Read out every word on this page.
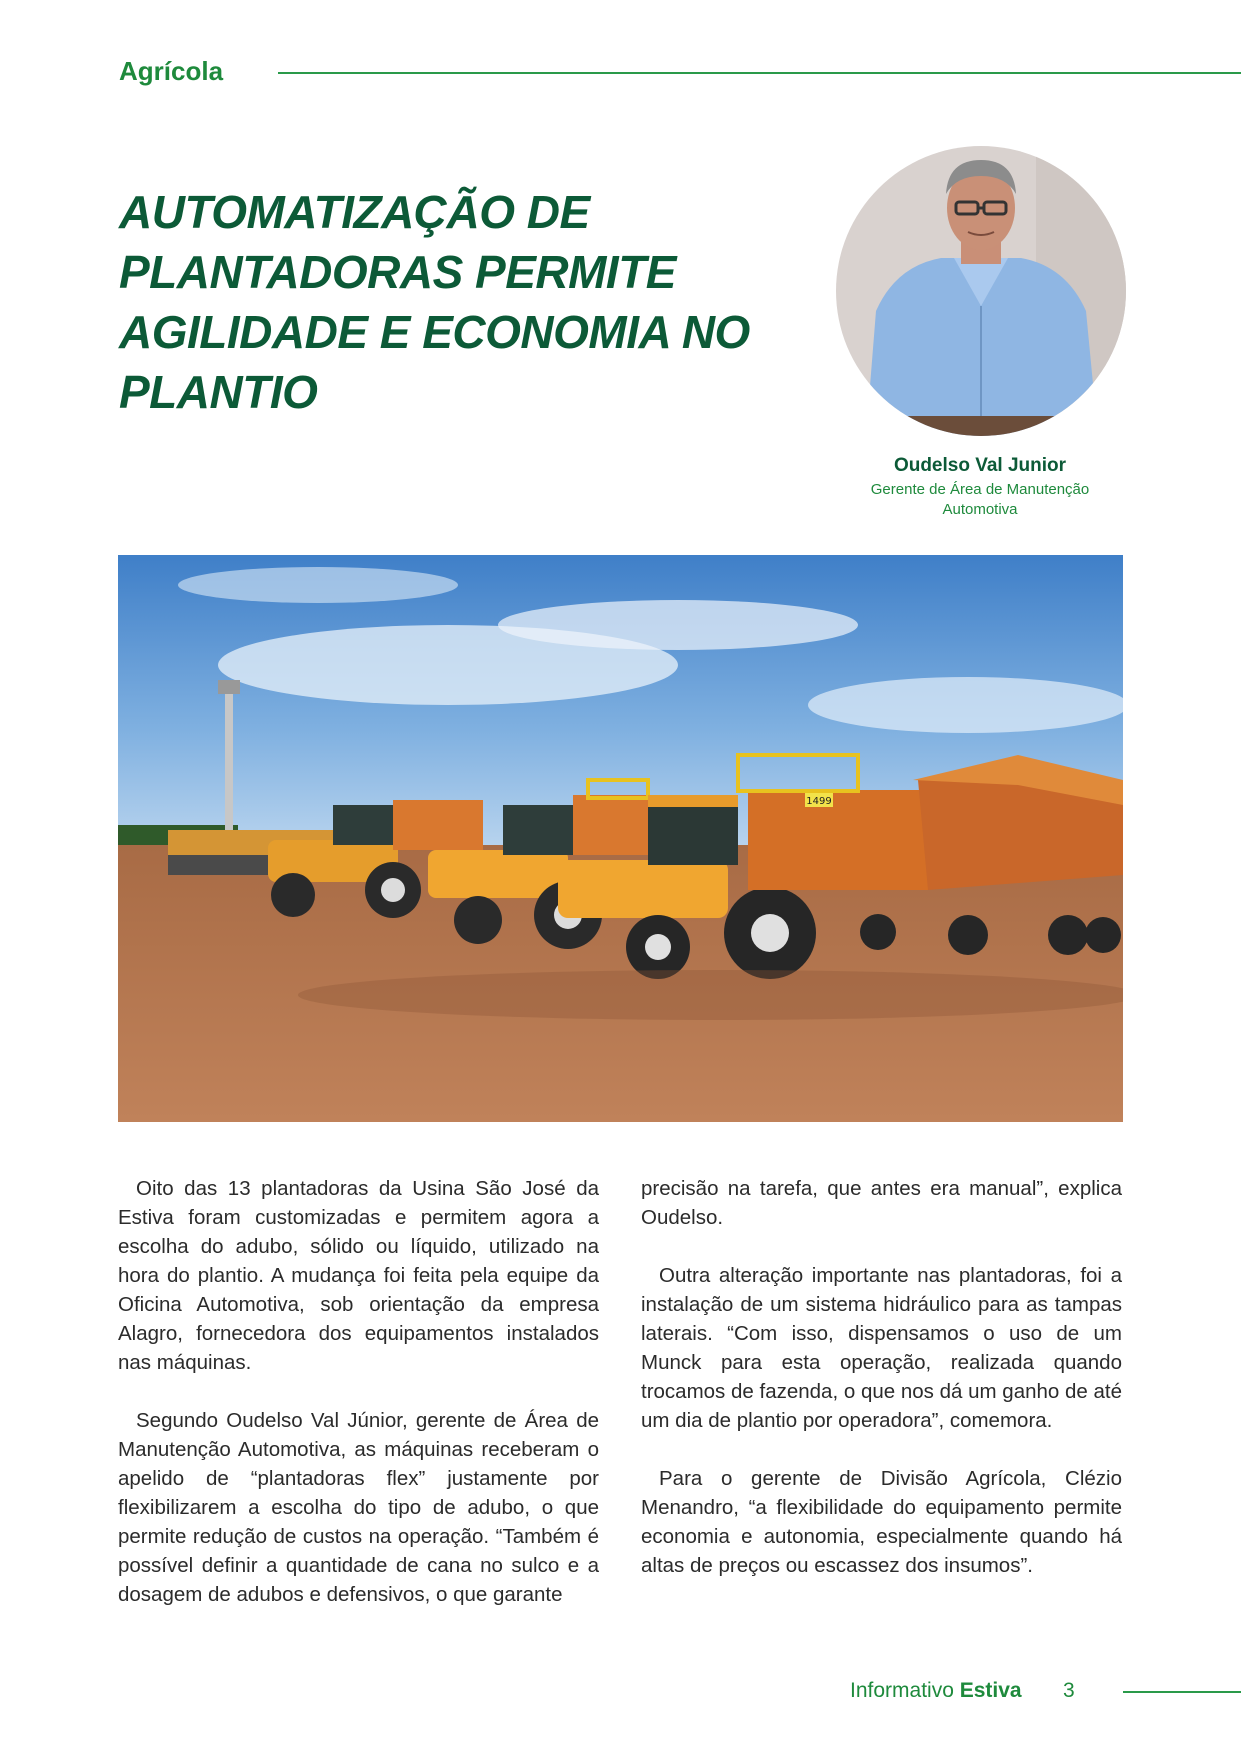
Agrícola
AUTOMATIZAÇÃO DE
PLANTADORAS PERMITE
AGILIDADE E ECONOMIA NO
PLANTIO
Oudelso Val Junior
Gerente de Área de Manutenção Automotiva
1499

Oito das 13 plantadoras da Usina São José da Estiva foram customizadas e permitem agora a escolha do adubo, sólido ou líquido, utilizado na hora do plantio. A mudança foi feita pela equipe da Oficina Automotiva, sob orientação da empresa Alagro, fornecedora dos equipamentos instalados nas máquinas.

Segundo Oudelso Val Júnior, gerente de Área de Manutenção Automotiva, as máquinas receberam o apelido de “plantadoras flex” justamente por flexibilizarem a escolha do tipo de adubo, o que permite redução de custos na operação. “Também é possível definir a quantidade de cana no sulco e a dosagem de adubos e defensivos, o que garante

precisão na tarefa, que antes era manual”, explica Oudelso.

Outra alteração importante nas plantadoras, foi a instalação de um sistema hidráulico para as tampas laterais. “Com isso, dispensamos o uso de um Munck para esta operação, realizada quando trocamos de fazenda, o que nos dá um ganho de até um dia de plantio por operadora”, comemora.

Para o gerente de Divisão Agrícola, Clézio Menandro, “a flexibilidade do equipamento permite economia e autonomia, especialmente quando há altas de preços ou escassez dos insumos”.

Informativo Estiva 3
